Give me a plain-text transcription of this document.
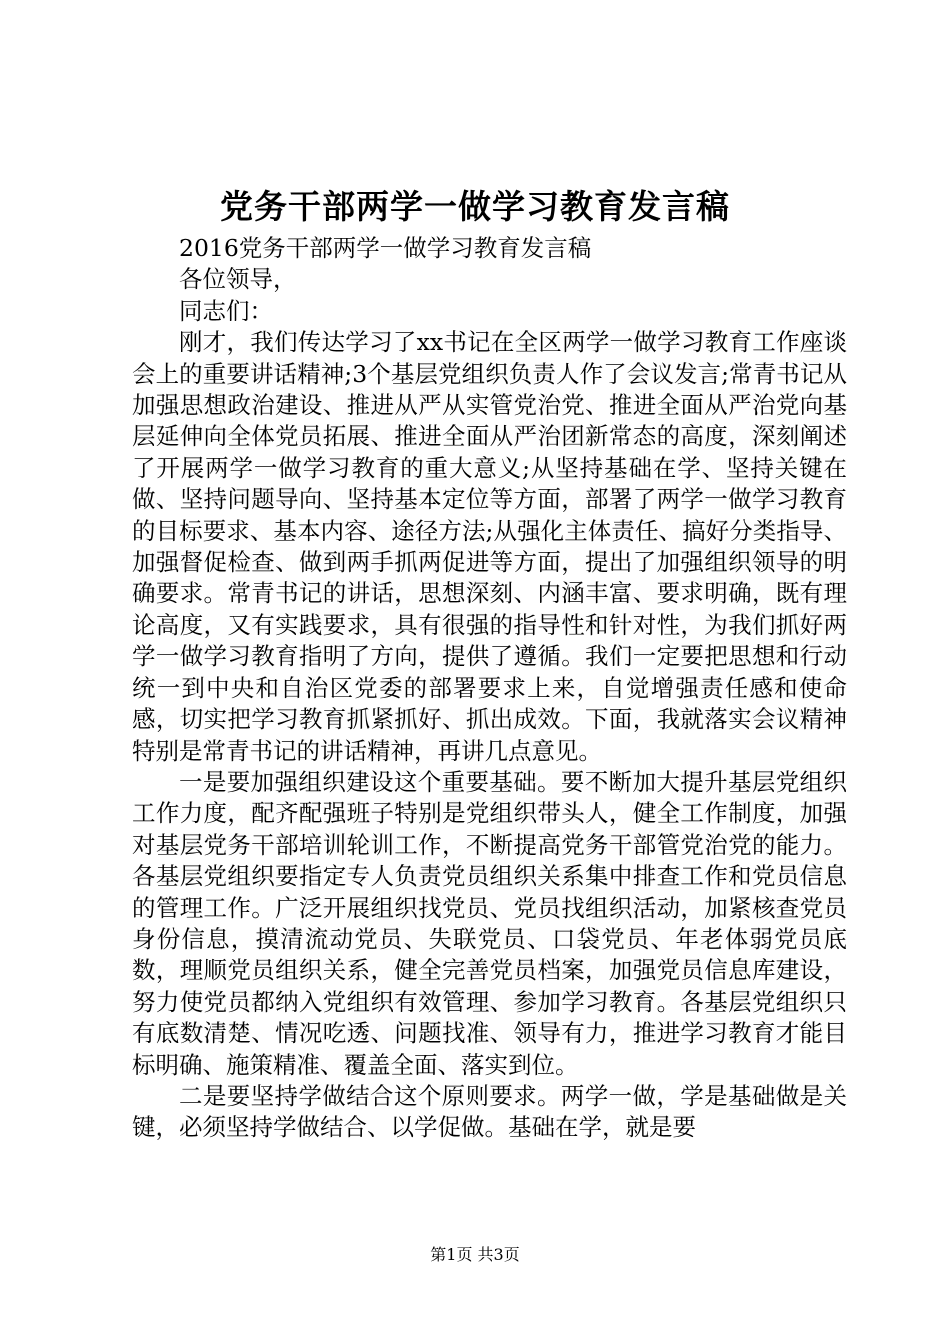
党务干部两学一做学习教育发言稿

2016党务干部两学一做学习教育发言稿

各位领导，

同志们：

刚才，我们传达学习了xx书记在全区两学一做学习教育工作座谈会上的重要讲话精神;3个基层党组织负责人作了会议发言;常青书记从加强思想政治建设、推进从严从实管党治党、推进全面从严治党向基层延伸向全体党员拓展、推进全面从严治团新常态的高度，深刻阐述了开展两学一做学习教育的重大意义;从坚持基础在学、坚持关键在做、坚持问题导向、坚持基本定位等方面，部署了两学一做学习教育的目标要求、基本内容、途径方法;从强化主体责任、搞好分类指导、加强督促检查、做到两手抓两促进等方面，提出了加强组织领导的明确要求。常青书记的讲话，思想深刻、内涵丰富、要求明确，既有理论高度，又有实践要求，具有很强的指导性和针对性，为我们抓好两学一做学习教育指明了方向，提供了遵循。我们一定要把思想和行动统一到中央和自治区党委的部署要求上来，自觉增强责任感和使命感，切实把学习教育抓紧抓好、抓出成效。下面，我就落实会议精神特别是常青书记的讲话精神，再讲几点意见。

一是要加强组织建设这个重要基础。要不断加大提升基层党组织工作力度，配齐配强班子特别是党组织带头人，健全工作制度，加强对基层党务干部培训轮训工作，不断提高党务干部管党治党的能力。各基层党组织要指定专人负责党员组织关系集中排查工作和党员信息的管理工作。广泛开展组织找党员、党员找组织活动，加紧核查党员身份信息，摸清流动党员、失联党员、口袋党员、年老体弱党员底数，理顺党员组织关系，健全完善党员档案，加强党员信息库建设，努力使党员都纳入党组织有效管理、参加学习教育。各基层党组织只有底数清楚、情况吃透、问题找准、领导有力，推进学习教育才能目标明确、施策精准、覆盖全面、落实到位。

二是要坚持学做结合这个原则要求。两学一做，学是基础做是关键，必须坚持学做结合、以学促做。基础在学，就是要

第1页 共3页
